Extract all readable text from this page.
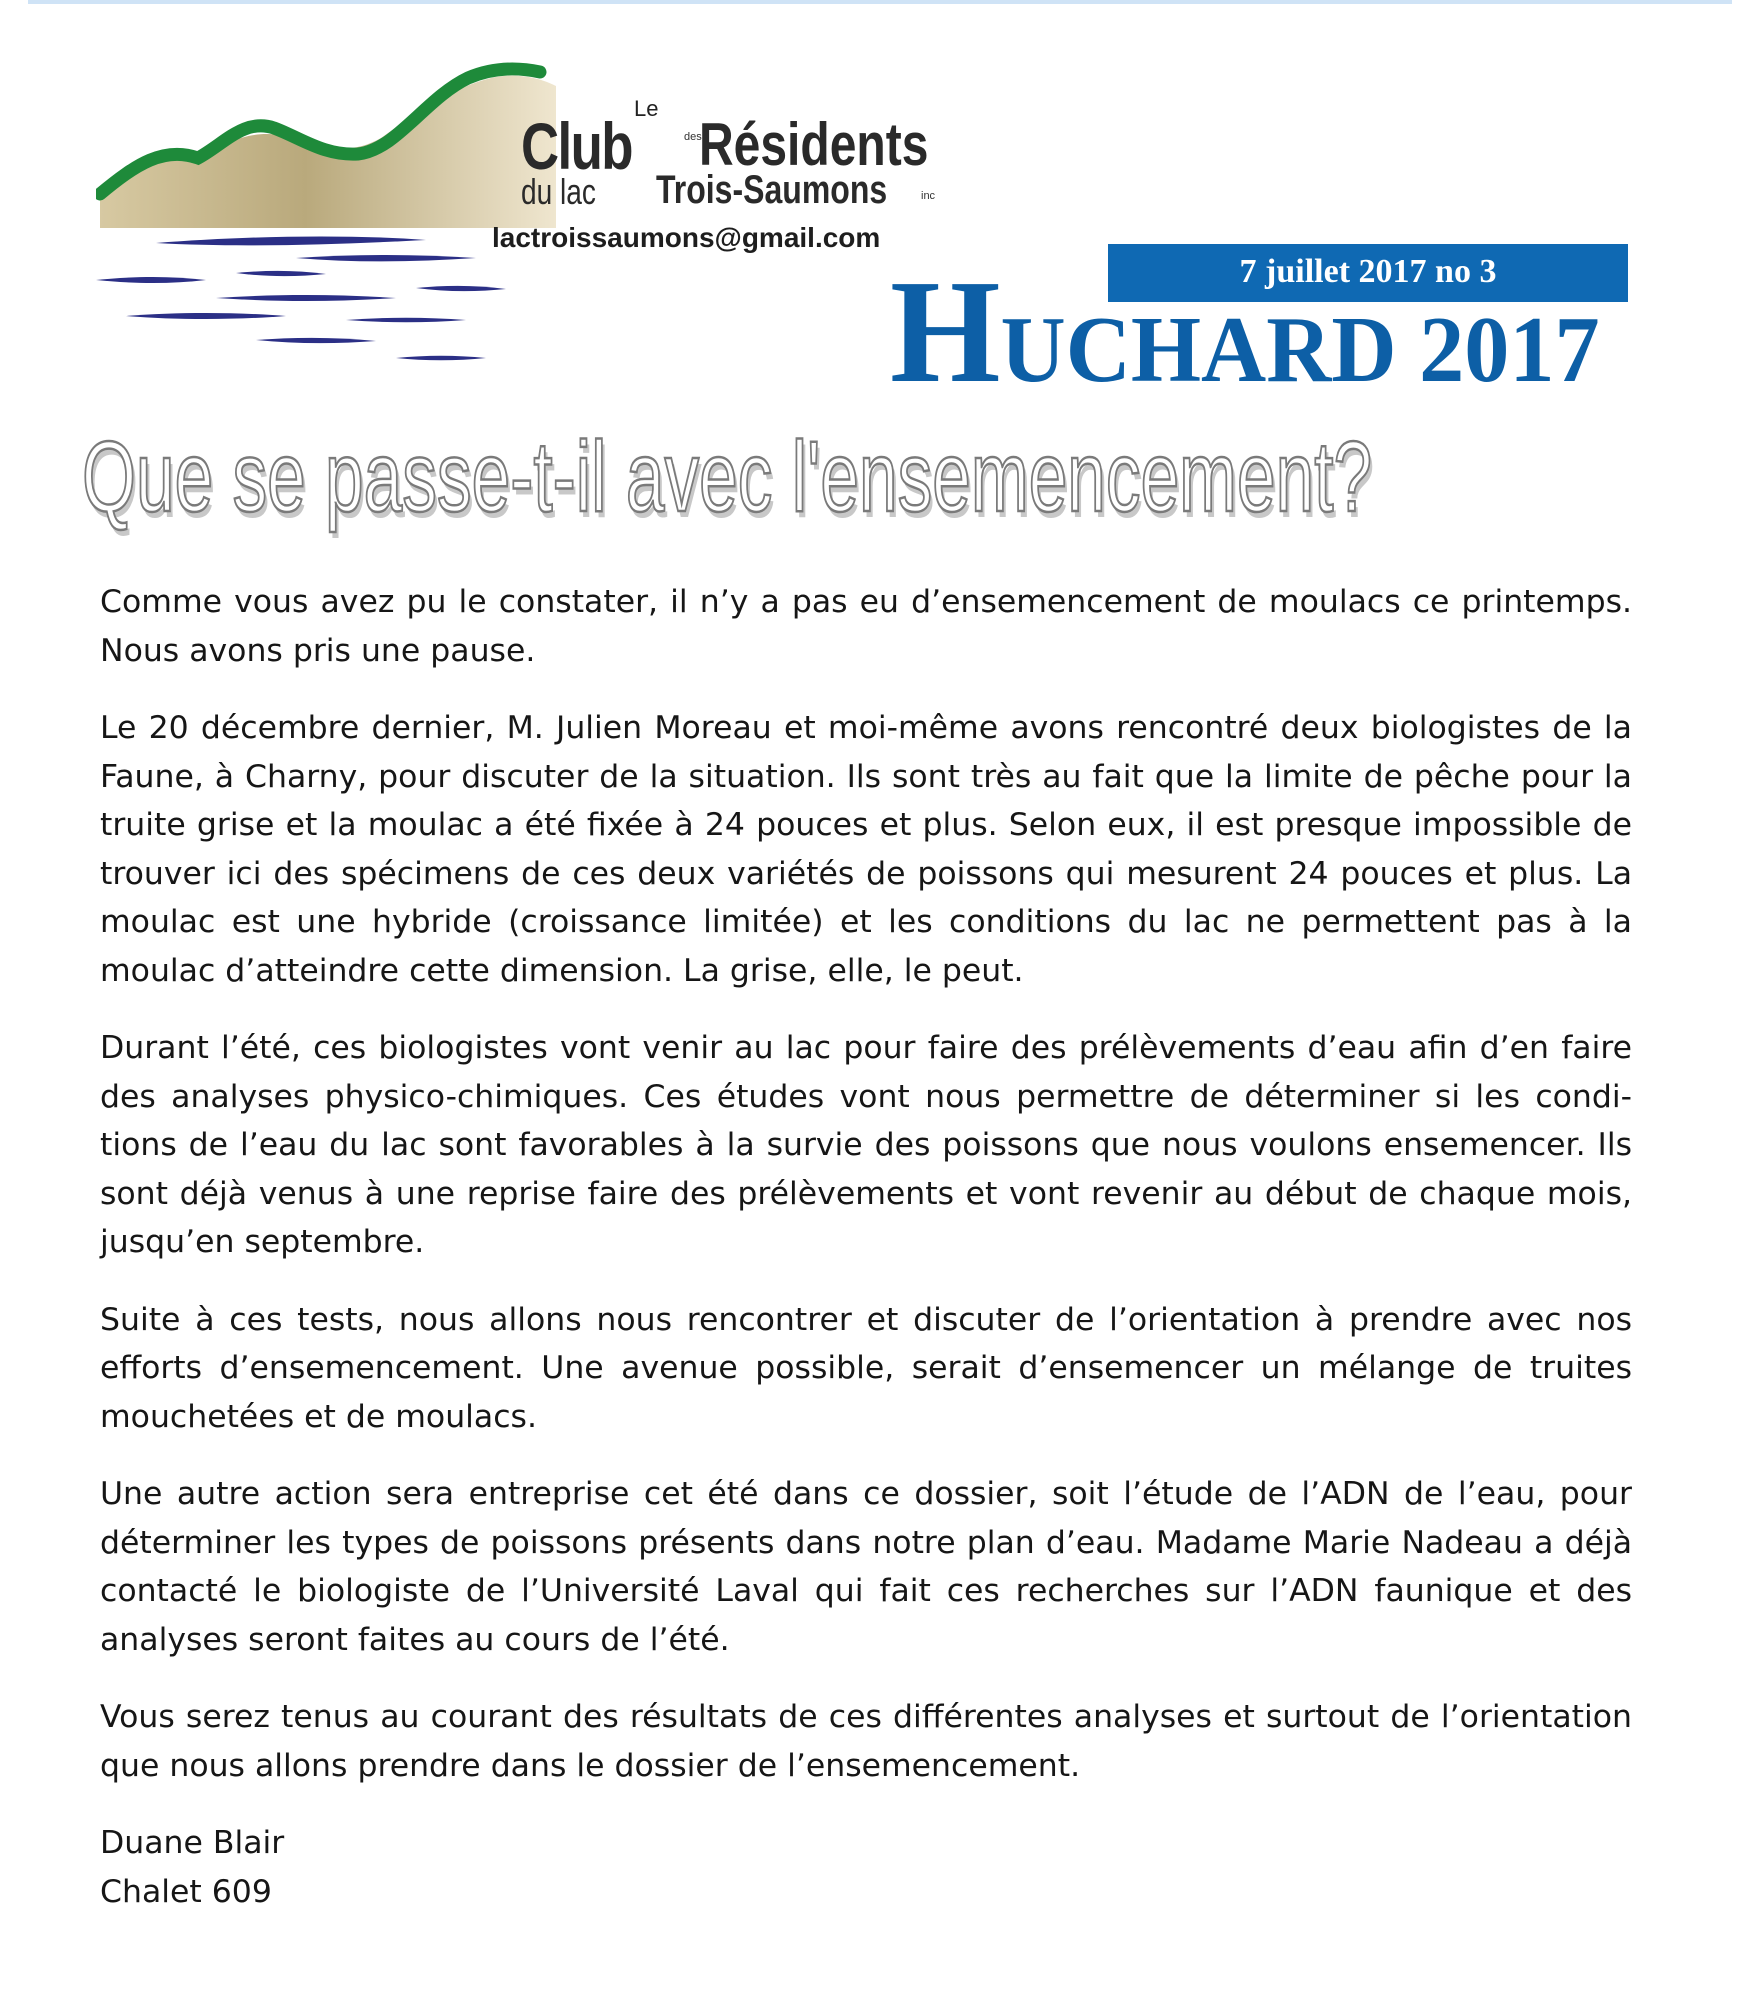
Le
Club	des
Résidents
du lac Trois-Saumons	inc
lactroissaumons@gmail.com
7 juillet 2017 no 3
HUCHARD 2017
Que se passe-t-il avec l'ensemencement?

Comme vous avez pu le constater, il n’y a pas eu d’ensemencement de moulacs ce printemps. Nous avons pris une pause.

Le 20 décembre dernier, M. Julien Moreau et moi-même avons rencontré deux biologistes de la Faune, à Charny, pour discuter de la situation. Ils sont très au fait que la limite de pêche pour la truite grise et la moulac a été fixée à 24 pouces et plus. Selon eux, il est presque impossible de trouver ici des spécimens de ces deux variétés de poissons qui mesurent 24 pouces et plus. La moulac est une hybride (croissance limitée) et les conditions du lac ne permettent pas à la moulac d’atteindre cette dimension. La grise, elle, le peut.

Durant l’été, ces biologistes vont venir au lac pour faire des prélèvements d’eau afin d’en faire des analyses physico-chimiques. Ces études vont nous permettre de déterminer si les condi-tions de l’eau du lac sont favorables à la survie des poissons que nous voulons ensemencer. Ils sont déjà venus à une reprise faire des prélèvements et vont revenir au début de chaque mois, jusqu’en septembre.

Suite à ces tests, nous allons nous rencontrer et discuter de l’orientation à prendre avec nos efforts d’ensemencement. Une avenue possible, serait d’ensemencer un mélange de truites mouchetées et de moulacs.

Une autre action sera entreprise cet été dans ce dossier, soit l’étude de l’ADN de l’eau, pour déterminer les types de poissons présents dans notre plan d’eau. Madame Marie Nadeau a déjà contacté le biologiste de l’Université Laval qui fait ces recherches sur l’ADN faunique et des analyses seront faites au cours de l’été.

Vous serez tenus au courant des résultats de ces différentes analyses et surtout de l’orientation que nous allons prendre dans le dossier de l’ensemencement.

Duane Blair

Chalet 609
